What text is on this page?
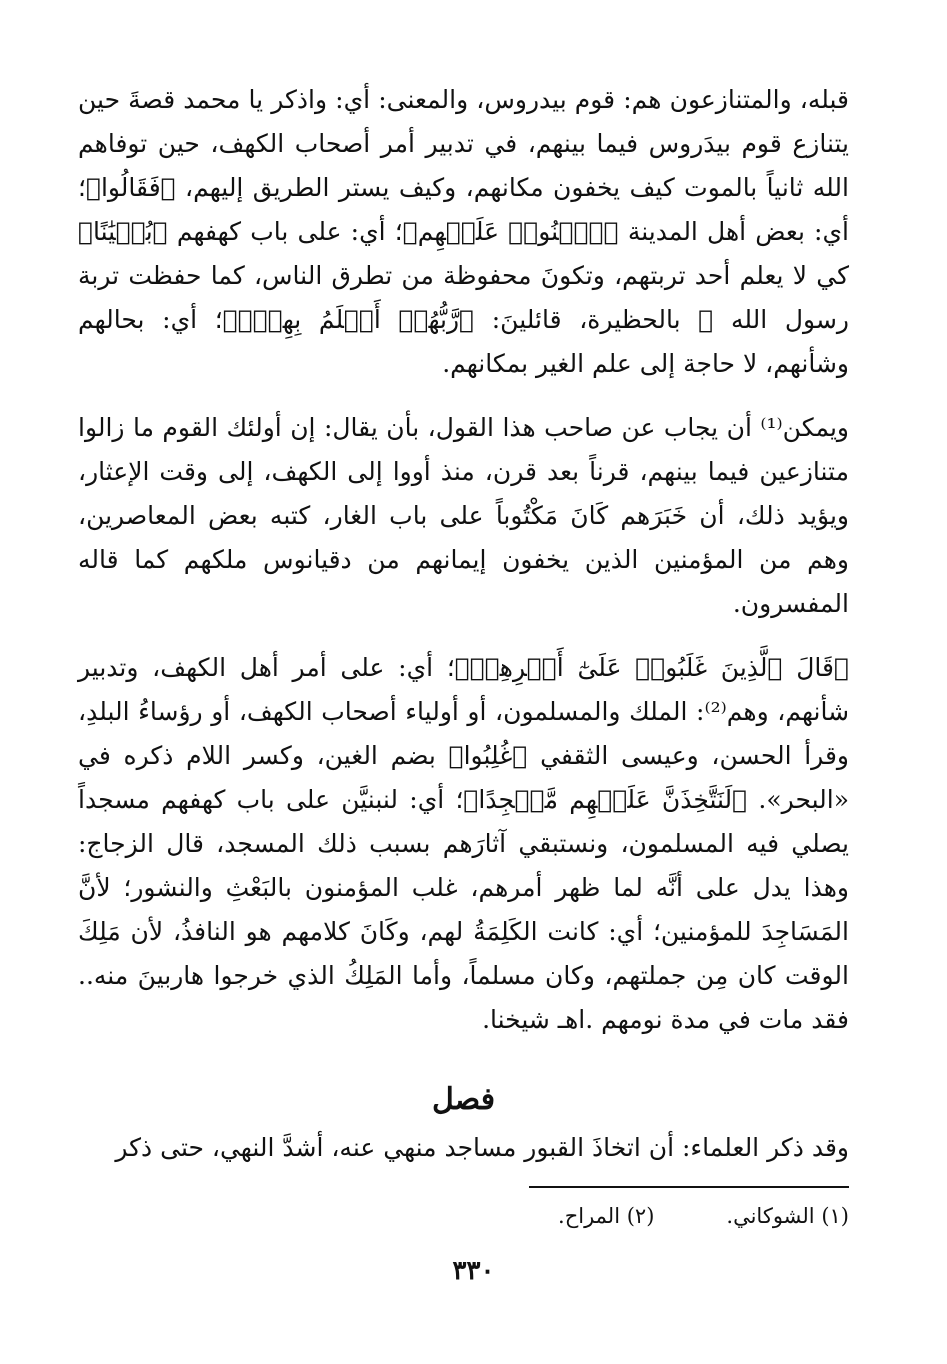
قبله، والمتنازعون هم: قوم بيدروس، والمعنى: أي: واذكر يا محمد قصةَ حين يتنازع قوم بيدَروس فيما بينهم، في تدبير أمر أصحاب الكهف، حين توفاهم الله ثانياً بالموت كيف يخفون مكانهم، وكيف يستر الطريق إليهم، ﴿فَقَالُوا﴾؛ أي: بعض أهل المدينة ﴿ٱبۡنُوا۟ عَلَيۡهِم﴾؛ أي: على باب كهفهم ﴿بُنۡيَٰنًا﴾ كي لا يعلم أحد تربتهم، وتكونَ محفوظة من تطرق الناس، كما حفظت تربة رسول الله ﷺ بالحظيرة، قائلينَ: ﴿رَّبُّهُمۡ أَعۡلَمُ بِهِمۡۚ﴾؛ أي: بحالهم وشأنهم، لا حاجة إلى علم الغير بمكانهم.

ويمكن⁽¹⁾ أن يجاب عن صاحب هذا القول، بأن يقال: إن أولئك القوم ما زالوا متنازعين فيما بينهم، قرناً بعد قرن، منذ أووا إلى الكهف، إلى وقت الإعثار، ويؤيد ذلك، أن خَبَرَهم كَانَ مَكْتُوباً على باب الغار، كتبه بعض المعاصرين، وهم من المؤمنين الذين يخفون إيمانهم من دقيانوس ملكهم كما قاله المفسرون.

﴿قَالَ ٱلَّذِينَ غَلَبُوا۟ عَلَىٰٓ أَمۡرِهِمۡ﴾؛ أي: على أمر أهل الكهف، وتدبير شأنهم، وهم⁽²⁾: الملك والمسلمون، أو أولياء أصحاب الكهف، أو رؤساءُ البلدِ، وقرأ الحسن، وعيسى الثقفي ﴿غُلِبُوا﴾ بضم الغين، وكسر اللام ذكره في «البحر». ﴿لَنَتَّخِذَنَّ عَلَيۡهِم مَّسۡجِدًا﴾؛ أي: لنبنيَّن على باب كهفهم مسجداً يصلي فيه المسلمون، ونستبقي آثارَهم بسبب ذلك المسجد، قال الزجاج: وهذا يدل على أنَّه لما ظهر أمرهم، غلب المؤمنون بالبَعْثِ والنشور؛ لأنَّ المَسَاجِدَ للمؤمنين؛ أي: كانت الكَلِمَةُ لهم، وكَانَ كلامهم هو النافذُ، لأن مَلِكَ الوقت كان مِن جملتهم، وكان مسلماً، وأما المَلِكُ الذي خرجوا هاربينَ منه.. فقد مات في مدة نومهم .اهـ شيخنا.

فصل

وقد ذكر العلماء: أن اتخاذَ القبور مساجد منهي عنه، أشدَّ النهي، حتى ذكر

(١) الشوكاني.
(٢) المراح.
٣٣٠
